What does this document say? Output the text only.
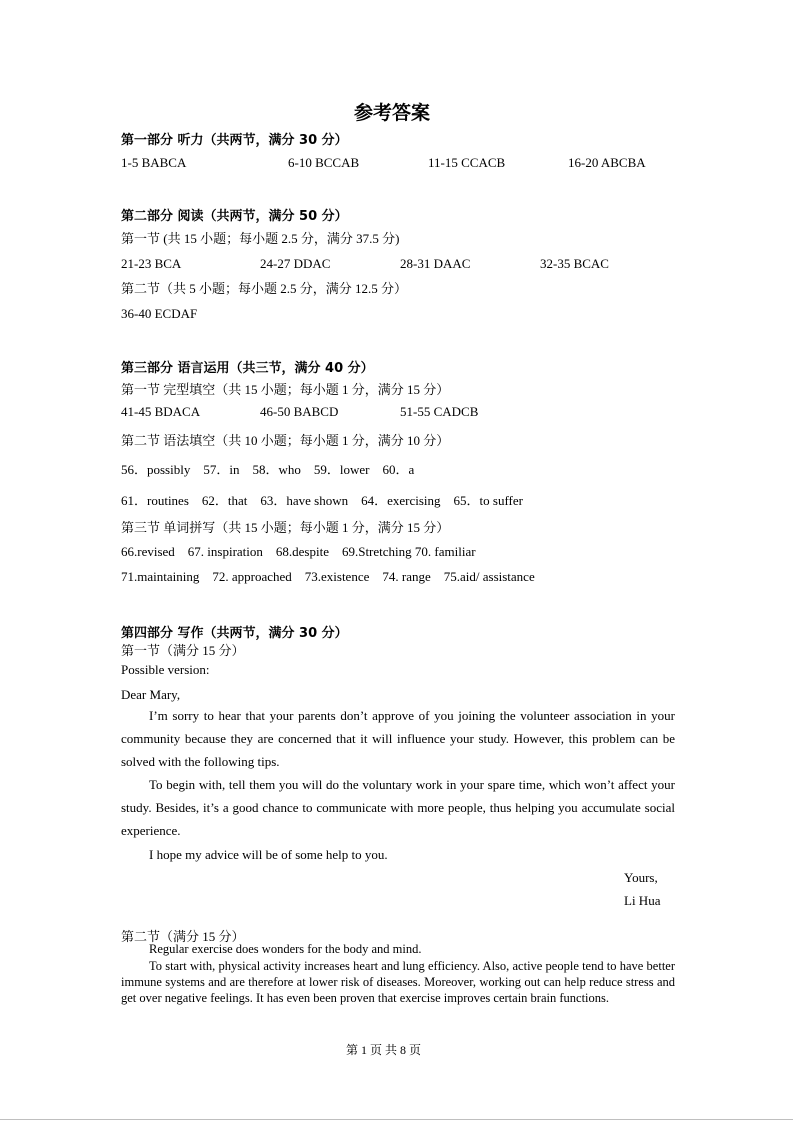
参考答案
第一部分 听力（共两节，满分 30 分）
1-5 BABCA	6-10 BCCAB	11-15 CCACB	16-20 ABCBA
第二部分 阅读（共两节，满分 50 分）
第一节 (共 15 小题；每小题 2.5 分，满分 37.5 分)
21-23 BCA	24-27 DDAC	28-31 DAAC	32-35 BCAC
第二节（共 5 小题；每小题 2.5 分，满分 12.5 分）
36-40 ECDAF
第三部分 语言运用（共三节，满分 40 分）
第一节 完型填空（共 15 小题；每小题 1 分，满分 15 分）
41-45 BDACA	46-50 BABCD	51-55 CADCB
第二节 语法填空（共 10 小题；每小题 1 分，满分 10 分）
56．possibly    57．in    58．who    59．lower    60．a
61．routines    62．that    63．have shown    64．exercising    65．to suffer
第三节 单词拼写（共 15 小题；每小题 1 分，满分 15 分）
66.revised    67. inspiration    68.despite    69.Stretching 70. familiar
71.maintaining    72. approached    73.existence    74. range    75.aid/ assistance
第四部分 写作（共两节，满分 30 分）
第一节（满分 15 分）
Possible version:
Dear Mary,
I’m sorry to hear that your parents don’t approve of you joining the volunteer association in your community because they are concerned that it will influence your study. However, this problem can be solved with the following tips.
To begin with, tell them you will do the voluntary work in your spare time, which won’t affect your study. Besides, it’s a good chance to communicate with more people, thus helping you accumulate social experience.
I hope my advice will be of some help to you.
Yours,
Li Hua
第二节（满分 15 分）
Regular exercise does wonders for the body and mind.
To start with, physical activity increases heart and lung efficiency. Also, active people tend to have better immune systems and are therefore at lower risk of diseases. Moreover, working out can help reduce stress and get over negative feelings. It has even been proven that exercise improves certain brain functions.
第 1 页 共 8 页
